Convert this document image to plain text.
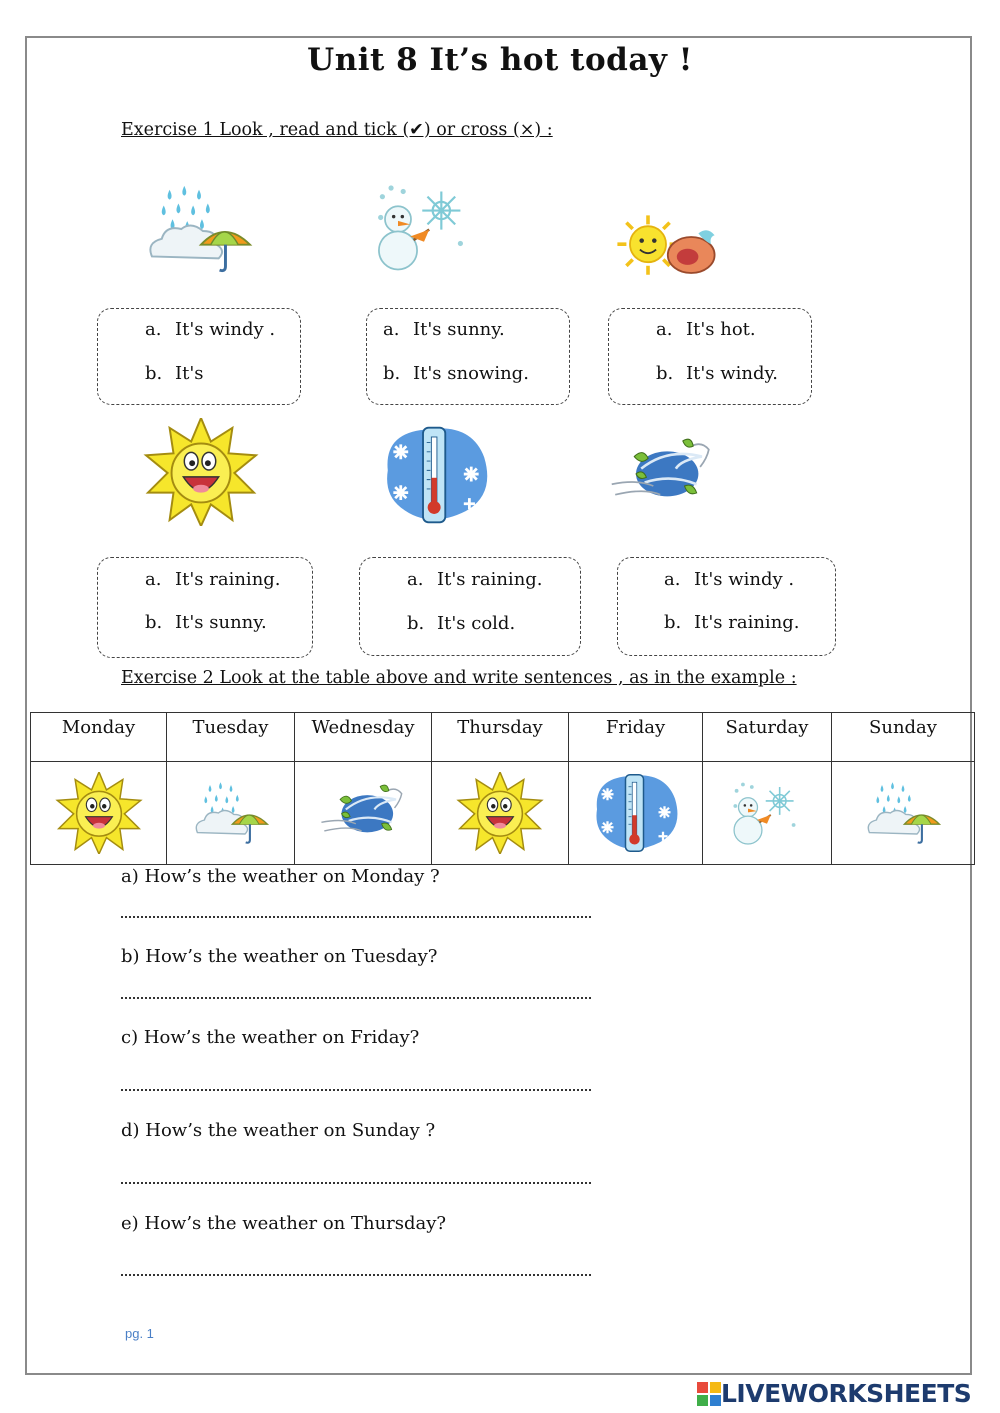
Unit 8 It’s hot today !
Exercise 1 Look , read and tick (✔) or cross (×) :
a. It's windy .
b. It's
a. It's sunny.
b. It's snowing.
a. It's hot.
b. It's windy.
a. It's raining.
b. It's sunny.
a. It's raining.
b. It's cold.
a. It's windy .
b. It's raining.
Exercise 2 Look at the table above and write sentences , as in the example :
Monday	Tuesday	Wednesday	Thursday	Friday	Saturday	Sunday

a) How’s the weather on Monday ?
b) How’s the weather on Tuesday?
c) How’s the weather on Friday?
d) How’s the weather on Sunday ?
e) How’s the weather on Thursday?
pg. 1
LIVEWORKSHEETS
